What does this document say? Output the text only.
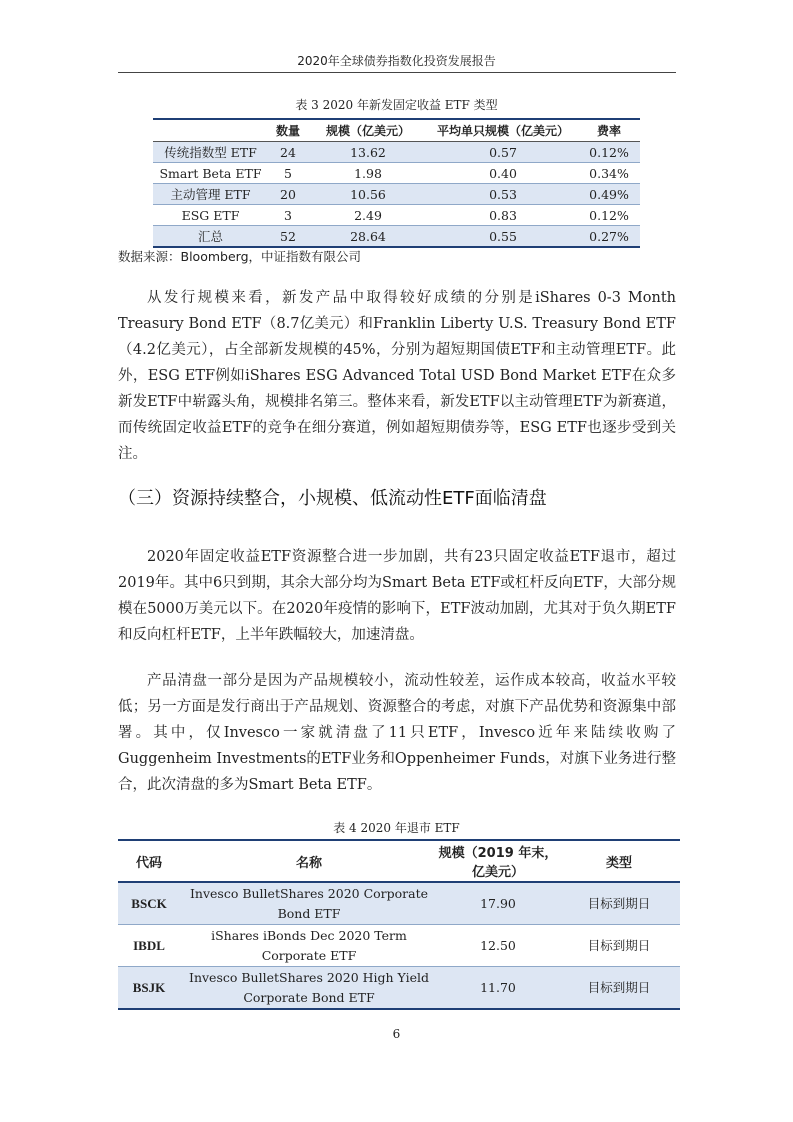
2020年全球债券指数化投资发展报告
表 3 2020 年新发固定收益 ETF 类型
	数量	规模（亿美元）	平均单只规模（亿美元）	费率
传统指数型 ETF	24	13.62	0.57	0.12%
Smart Beta ETF	5	1.98	0.40	0.34%
主动管理 ETF	20	10.56	0.53	0.49%
ESG ETF	3	2.49	0.83	0.12%
汇总	52	28.64	0.55	0.27%
数据来源：Bloomberg，中证指数有限公司

从发行规模来看，新发产品中取得较好成绩的分别是iShares 0-3 Month Treasury Bond ETF（8.7亿美元）和Franklin Liberty U.S. Treasury Bond ETF（4.2亿美元），占全部新发规模的45%，分别为超短期国债ETF和主动管理ETF。此外，ESG ETF例如iShares ESG Advanced Total USD Bond Market ETF在众多新发ETF中崭露头角，规模排名第三。整体来看，新发ETF以主动管理ETF为新赛道，而传统固定收益ETF的竞争在细分赛道，例如超短期债券等，ESG ETF也逐步受到关注。

（三）资源持续整合，小规模、低流动性ETF面临清盘

2020年固定收益ETF资源整合进一步加剧，共有23只固定收益ETF退市，超过2019年。其中6只到期，其余大部分均为Smart Beta ETF或杠杆反向ETF，大部分规模在5000万美元以下。在2020年疫情的影响下，ETF波动加剧，尤其对于负久期ETF和反向杠杆ETF，上半年跌幅较大，加速清盘。

产品清盘一部分是因为产品规模较小，流动性较差，运作成本较高，收益水平较低；另一方面是发行商出于产品规划、资源整合的考虑，对旗下产品优势和资源集中部署。其中，仅Invesco一家就清盘了11只ETF，Invesco近年来陆续收购了Guggenheim Investments的ETF业务和Oppenheimer Funds，对旗下业务进行整合，此次清盘的多为Smart Beta ETF。

表 4 2020 年退市 ETF
代码	名称	规模（2019 年末，亿美元）	类型
BSCK	Invesco BulletShares 2020 Corporate Bond ETF	17.90	目标到期日
IBDL	iShares iBonds Dec 2020 Term Corporate ETF	12.50	目标到期日
BSJK	Invesco BulletShares 2020 High Yield Corporate Bond ETF	11.70	目标到期日
6
